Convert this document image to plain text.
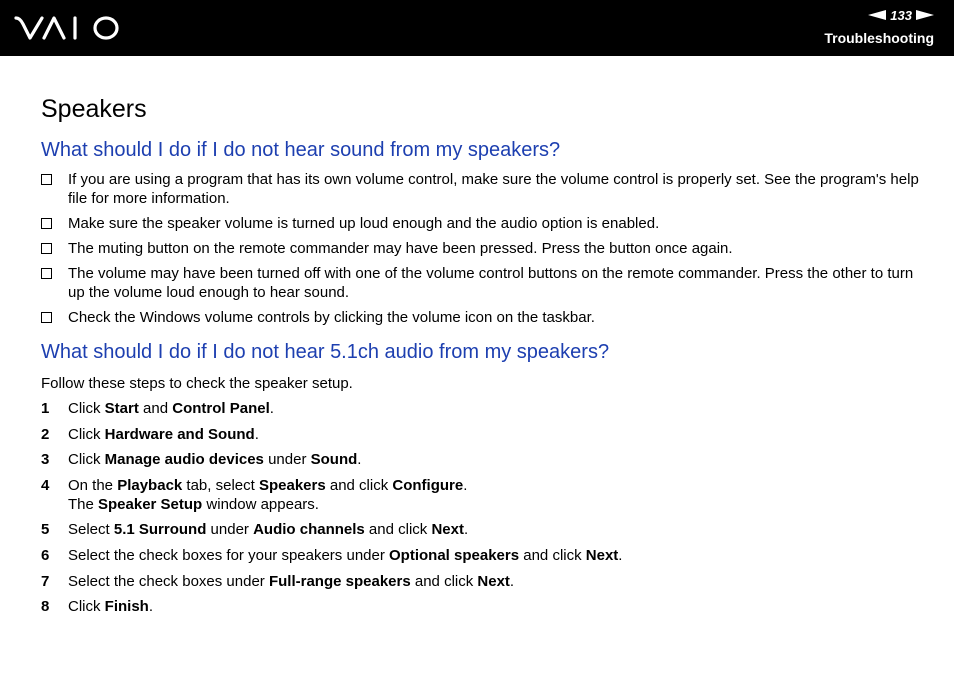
133
Troubleshooting
Speakers
What should I do if I do not hear sound from my speakers?
If you are using a program that has its own volume control, make sure the volume control is properly set. See the program's help file for more information.
Make sure the speaker volume is turned up loud enough and the audio option is enabled.
The muting button on the remote commander may have been pressed. Press the button once again.
The volume may have been turned off with one of the volume control buttons on the remote commander. Press the other to turn up the volume loud enough to hear sound.
Check the Windows volume controls by clicking the volume icon on the taskbar.
What should I do if I do not hear 5.1ch audio from my speakers?

Follow these steps to check the speaker setup.

1 Click Start and Control Panel.
2 Click Hardware and Sound.
3 Click Manage audio devices under Sound.
4 On the Playback tab, select Speakers and click Configure.
The Speaker Setup window appears.
5 Select 5.1 Surround under Audio channels and click Next.
6 Select the check boxes for your speakers under Optional speakers and click Next.
7 Select the check boxes under Full-range speakers and click Next.
8 Click Finish.
